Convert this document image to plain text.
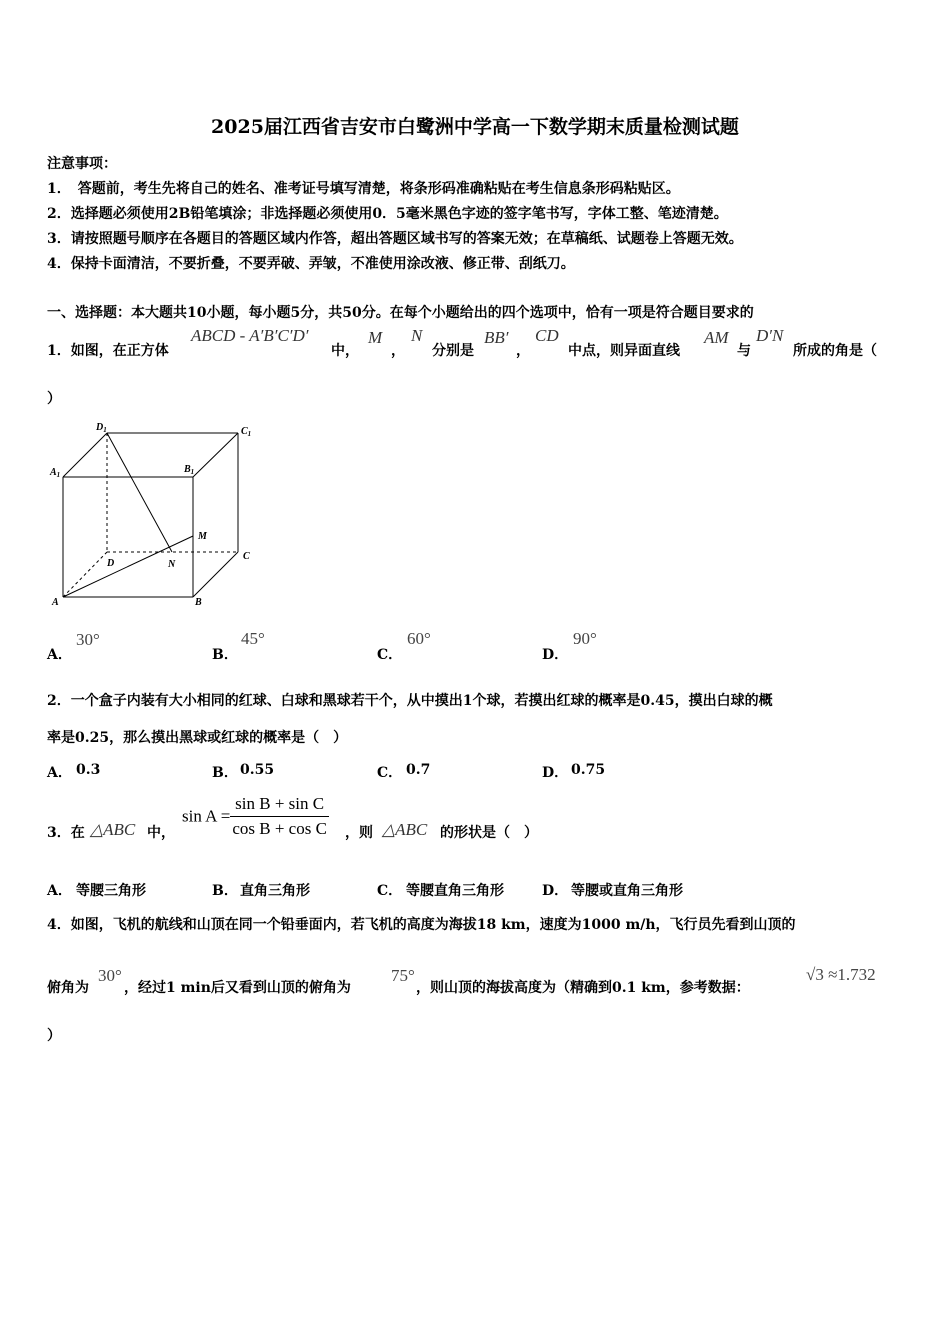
2025届江西省吉安市白鹭洲中学高一下数学期末质量检测试题
注意事项：
1．　答题前，考生先将自己的姓名、准考证号填写清楚，将条形码准确粘贴在考生信息条形码粘贴区。
2．选择题必须使用2B铅笔填涂；非选择题必须使用0．5毫米黑色字迹的签字笔书写，字体工整、笔迹清楚。
3．请按照题号顺序在各题目的答题区域内作答，超出答题区域书写的答案无效；在草稿纸、试题卷上答题无效。
4．保持卡面清洁，不要折叠，不要弄破、弄皱，不准使用涂改液、修正带、刮纸刀。
一、选择题：本大题共10小题，每小题5分，共50分。在每个小题给出的四个选项中，恰有一项是符合题目要求的
1．如图，在正方体
ABCD - A′B′C′D′
中，
M
，
N
分别是
BB′
，
CD
中点，则异面直线
AM
与
D′N
所成的角是（
）
$D_1$	$C_1$
$A_1$	$B_1$
M
D	N
C
A	B
A．
30°
B．
45°
C．
60°
D．
90°
2．一个盒子内装有大小相同的红球、白球和黑球若干个，从中摸出1个球，若摸出红球的概率是0.45，摸出白球的概
率是0.25，那么摸出黑球或红球的概率是（　）
A． 0.3	B． 0.55	C． 0.7	D． 0.75
3．在 △ABC 中，
$\sin A = \frac{\text{sin B + sin C}}{\text{cos B + cos C}}$ ，则 △ABC 的形状是（　）
A． 等腰三角形	B． 直角三角形	C． 等腰直角三角形	D． 等腰或直角三角形
4．如图，飞机的航线和山顶在同一个铅垂面内，若飞机的高度为海拔18 km，速度为1000 m/h，飞行员先看到山顶的
俯角为
30°
，经过1 min后又看到山顶的俯角为
75°
，则山顶的海拔高度为（精确到0.1 km，参考数据：
√3 ≈1.732
）
